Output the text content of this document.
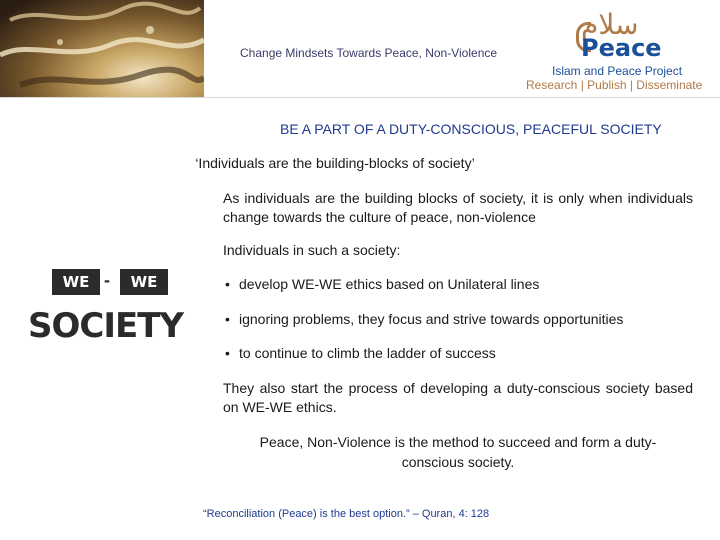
Change Mindsets Towards Peace, Non-Violence
سلام
Peace
Islam and Peace Project
Research | Publish | Disseminate
BE A PART OF A DUTY-CONSCIOUS, PEACEFUL SOCIETY
‘Individuals are the building-blocks of society’
As individuals are the building blocks of society, it is only when individuals change towards the culture of peace, non-violence
Individuals in such a society:
• develop WE-WE ethics based on Unilateral lines
• ignoring problems, they focus and strive towards opportunities
• to continue to climb the ladder of success
They also start the process of developing a duty-conscious society based on WE-WE ethics.
Peace, Non-Violence is the method to succeed and form a duty-conscious society.
WE -	WE
SOCIETY
“Reconciliation (Peace) is the best option.” – Quran, 4: 128
